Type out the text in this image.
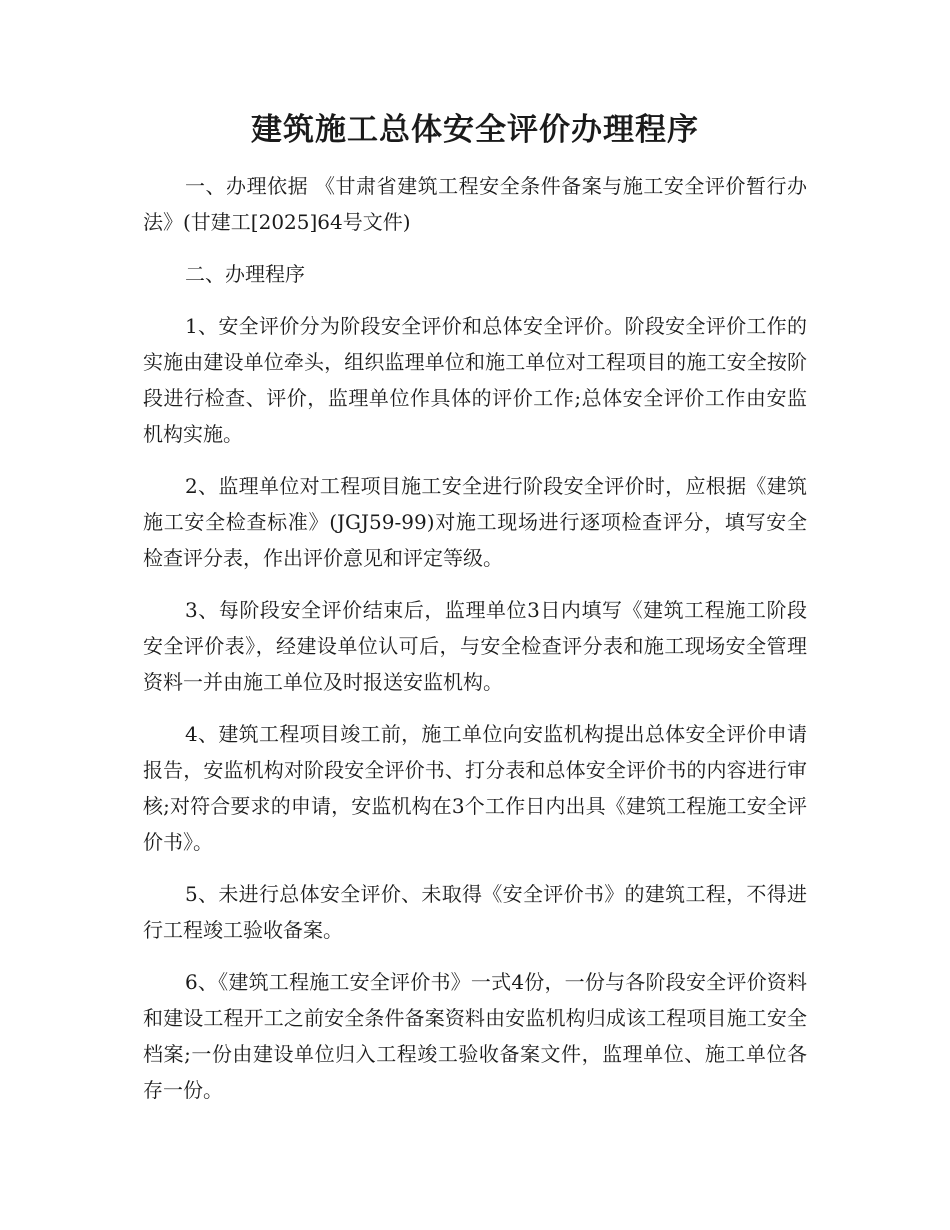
建筑施工总体安全评价办理程序

一、办理依据 《甘肃省建筑工程安全条件备案与施工安全评价暂行办法》(甘建工[2025]64号文件)

二、办理程序

1、安全评价分为阶段安全评价和总体安全评价。阶段安全评价工作的实施由建设单位牵头，组织监理单位和施工单位对工程项目的施工安全按阶段进行检查、评价，监理单位作具体的评价工作;总体安全评价工作由安监机构实施。

2、监理单位对工程项目施工安全进行阶段安全评价时，应根据《建筑施工安全检查标准》(JGJ59-99)对施工现场进行逐项检查评分，填写安全检查评分表，作出评价意见和评定等级。

3、每阶段安全评价结束后，监理单位3日内填写《建筑工程施工阶段安全评价表》，经建设单位认可后，与安全检查评分表和施工现场安全管理资料一并由施工单位及时报送安监机构。

4、建筑工程项目竣工前，施工单位向安监机构提出总体安全评价申请报告，安监机构对阶段安全评价书、打分表和总体安全评价书的内容进行审核;对符合要求的申请，安监机构在3个工作日内出具《建筑工程施工安全评价书》。

5、未进行总体安全评价、未取得《安全评价书》的建筑工程，不得进行工程竣工验收备案。

6、《建筑工程施工安全评价书》一式4份，一份与各阶段安全评价资料和建设工程开工之前安全条件备案资料由安监机构归成该工程项目施工安全档案;一份由建设单位归入工程竣工验收备案文件，监理单位、施工单位各存一份。
